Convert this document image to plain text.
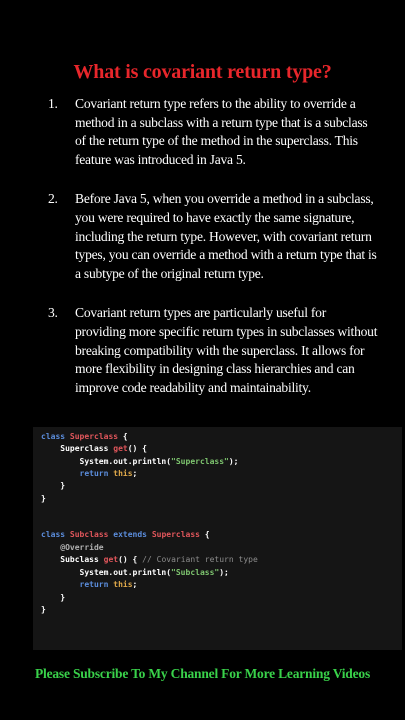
What is covariant return type?
1.	Covariant return type refers to the ability to override a method in a subclass with a return type that is a subclass of the return type of the method in the superclass. This feature was introduced in Java 5.
2.	Before Java 5, when you override a method in a subclass, you were required to have exactly the same signature, including the return type. However, with covariant return types, you can override a method with a return type that is a subtype of the original return type.
3.	Covariant return types are particularly useful for providing more specific return types in subclasses without breaking compatibility with the superclass. It allows for more flexibility in designing class hierarchies and can improve code readability and maintainability.
class Superclass {
Superclass get() {
System.out.println("Superclass");
return this;
}
}
class Subclass extends Superclass {
@Override
Subclass get() { // Covariant return type
System.out.println("Subclass");
return this;
}
}
Please Subscribe To My Channel For More Learning Videos
